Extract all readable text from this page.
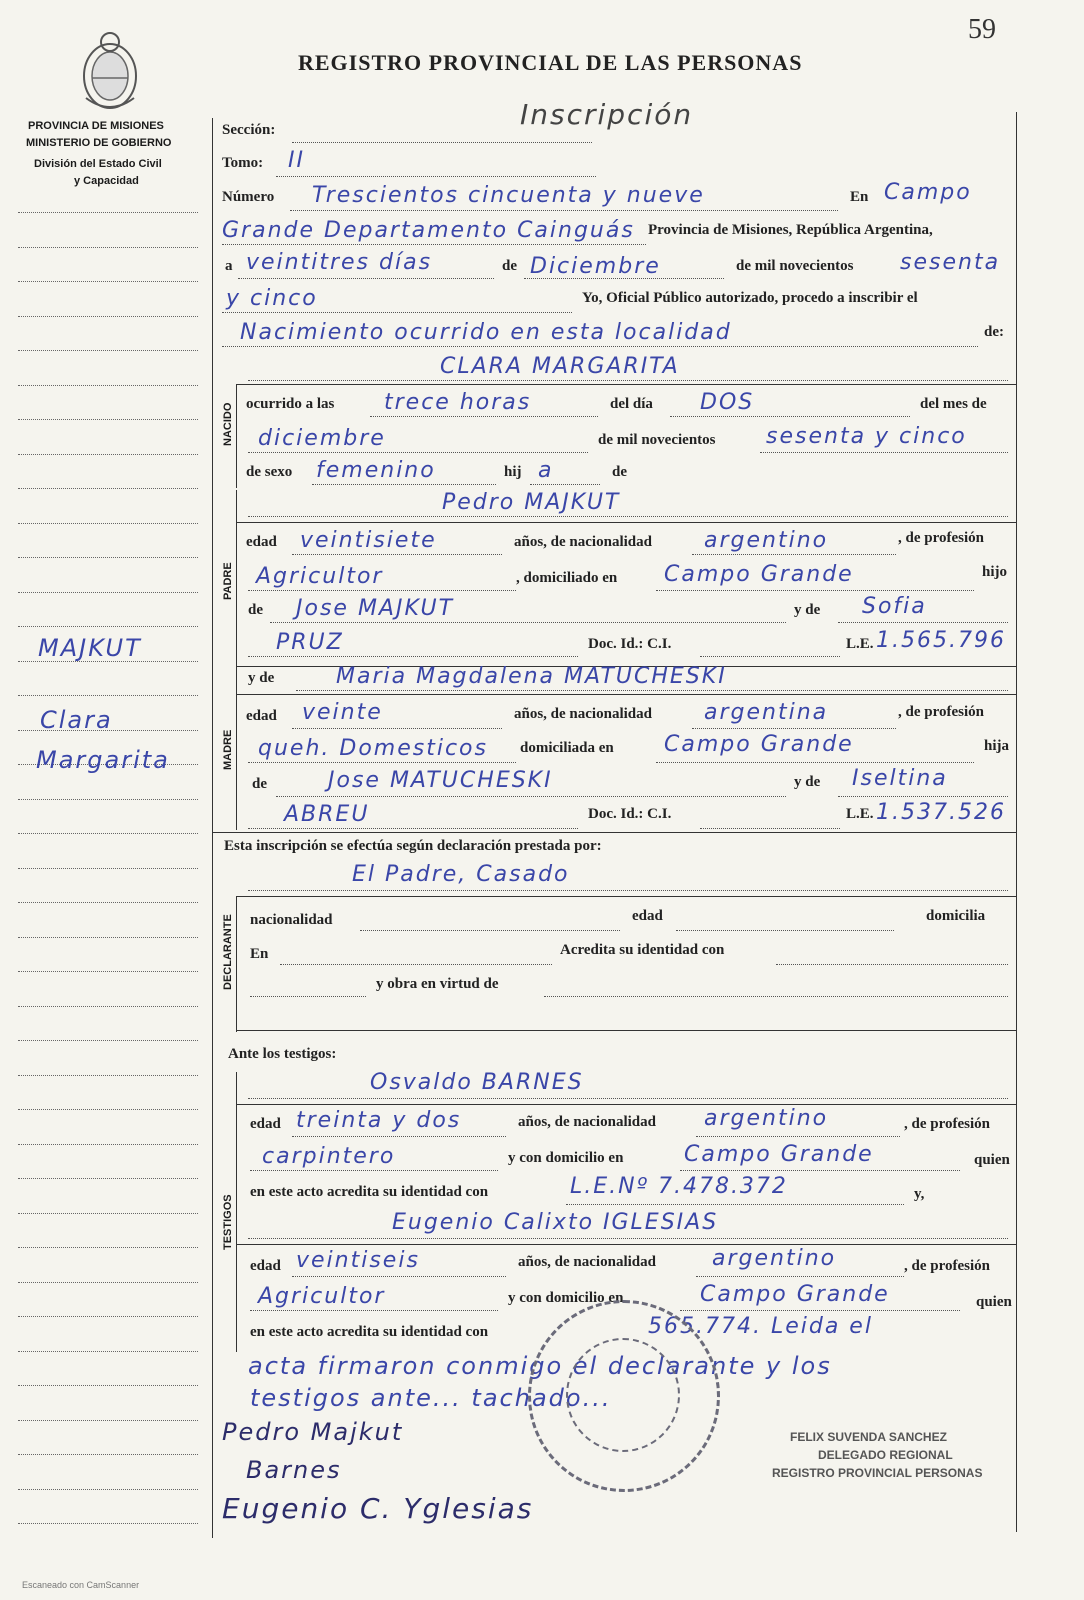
59
REGISTRO PROVINCIAL DE LAS PERSONAS
Inscripción
PROVINCIA DE MISIONES
MINISTERIO DE GOBIERNO
División del Estado Civil
y Capacidad
MAJKUT
Clara
Margarita
Sección:
Tomo: II
Número Trescientos cincuenta y nueve	En Campo
Grande Departamento Cainguás Provincia de Misiones, República Argentina,
a veintitres días	de Diciembre	de mil novecientos sesenta
y cinco	Yo, Oficial Público autorizado, procedo a inscribir el
Nacimiento ocurrido en esta localidad	de:
NACIDO
CLARA MARGARITA
ocurrido a las trece horas	del día DOS	del mes de
diciembre	de mil novecientos sesenta y cinco
de sexo femenino	hij a	de
PADRE
Pedro MAJKUT
edad veintisiete	años, de nacionalidad argentino	, de profesión
Agricultor	, domiciliado en Campo Grande	hijo
de Jose MAJKUT	y de Sofia
PRUZ	Doc. Id.: C.I.	L.E. 1.565.796
MADRE
y de	Maria Magdalena MATUCHESKI
edad veinte	años, de nacionalidad argentina	, de profesión
queh. Domesticos domiciliada en Campo Grande	hija
de	Jose MATUCHESKI	y de Iseltina
ABREU	Doc. Id.: C.I.	L.E. 1.537.526
Esta inscripción se efectúa según declaración prestada por:
El Padre, Casado
DECLARANTE nacionalidad	edad	domicilia
En	Acredita su identidad con
y obra en virtud de
Ante los testigos:
TESTIGOS
Osvaldo BARNES
edad treinta y dos	años, de nacionalidad argentino	, de profesión
carpintero	y con domicilio en	Campo Grande	quien
en este acto acredita su identidad con	L.E.Nº 7.478.372	y,
Eugenio Calixto IGLESIAS
edad veintiseis	años, de nacionalidad	argentino	, de profesión
Agricultor	y con domicilio en	Campo Grande	quien
en este acto acredita su identidad con	565.774. Leida el
acta firmaron conmigo el declarante y los
testigos ante... tachado...
Pedro Majkut
Barnes
Eugenio C. Yglesias
FELIX SUVENDA SANCHEZ
DELEGADO REGIONAL
REGISTRO PROVINCIAL PERSONAS
Escaneado con CamScanner
